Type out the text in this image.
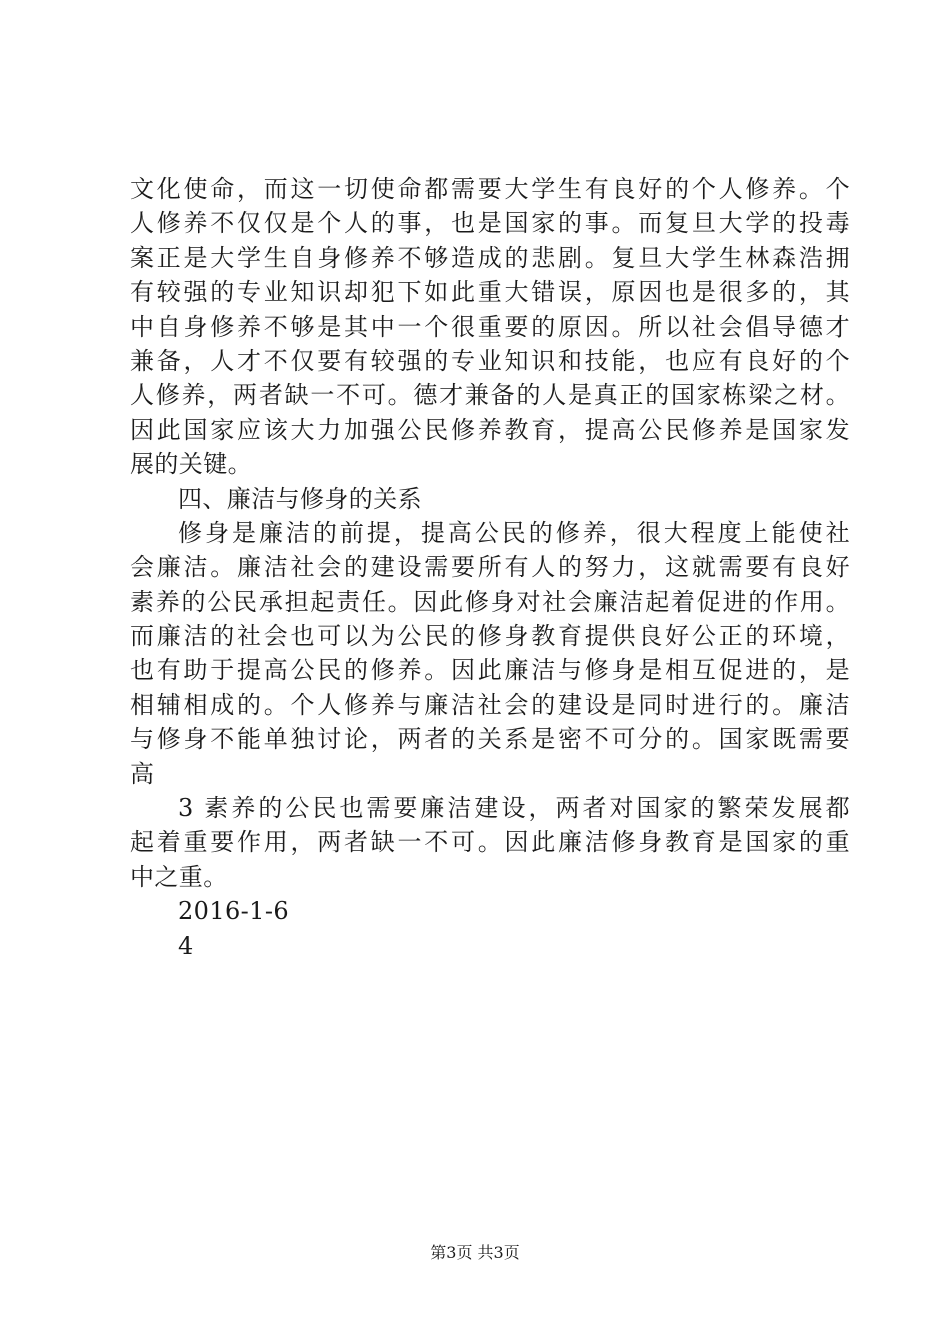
文化使命，而这一切使命都需要大学生有良好的个人修养。个
人修养不仅仅是个人的事，也是国家的事。而复旦大学的投毒
案正是大学生自身修养不够造成的悲剧。复旦大学生林森浩拥
有较强的专业知识却犯下如此重大错误，原因也是很多的，其
中自身修养不够是其中一个很重要的原因。所以社会倡导德才
兼备，人才不仅要有较强的专业知识和技能，也应有良好的个
人修养，两者缺一不可。德才兼备的人是真正的国家栋梁之材。
因此国家应该大力加强公民修养教育，提高公民修养是国家发
展的关键。
四、廉洁与修身的关系
修身是廉洁的前提，提高公民的修养，很大程度上能使社
会廉洁。廉洁社会的建设需要所有人的努力，这就需要有良好
素养的公民承担起责任。因此修身对社会廉洁起着促进的作用。
而廉洁的社会也可以为公民的修身教育提供良好公正的环境，
也有助于提高公民的修养。因此廉洁与修身是相互促进的，是
相辅相成的。个人修养与廉洁社会的建设是同时进行的。廉洁
与修身不能单独讨论，两者的关系是密不可分的。国家既需要
高
3 素养的公民也需要廉洁建设，两者对国家的繁荣发展都
起着重要作用，两者缺一不可。因此廉洁修身教育是国家的重
中之重。
2016-1-6
4
第3页 共3页
